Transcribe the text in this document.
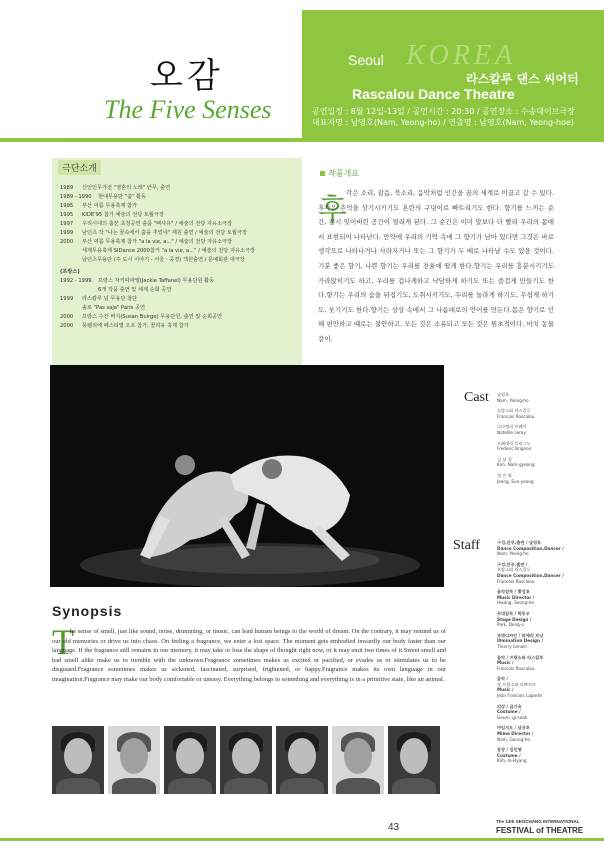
오감
The Five Senses
KOREA
Seoul
라스칼루 댄스 씨어터
Rascalou Dance Theatre
공연일정 : 8월 12일-13일 / 공연시간 : 20:30 / 공연장소 : 수송대이브극장
대표자명 : 남영호(Nam, Yeong-ho) / 연출명 : 남영호(Nam, Yeong-hoe)
극단소개
1989	신인인무가전 "영혼의 노래" 안무, 출연
1989 - 1990	현대무용단 "춤" 활동
1995	부산 여름 무용축제 참가
1995	KIDE'95 참가 예술의 전당 토월극장
1997	우리시대의 춤꾼 초청공연 출품 "뻐사유" / 예술의 전당 자유소극장
1999	남던츠 작 "나는 꿈속에서 춤을 추었네" 재원 출연 / 예술의 전당 토월극장
2000	부산 여름 무용축제 참가 "a la vie, a..." / 예술의 전당 자유소극장
세계무용축제 SIDance 2000참가 "a la vie, a..." / 예술의 전당 자유소극장
남던츠무용단 (주 도시 이야기 - 서울 · 중경) 객원출연 / 문예회관 대극장
(프랑스)
1992 - 1999	프랑스 자키따파엘(Jackie Taffanel) 무용단원 활동
6개 작품 출연 및 세계 순회 공연
1999	라스칼루 넘 무용단 창단
솔로 "Pas saja" Paris 공연
2000	프랑스 수잔 버지(Susan Buirge) 무용단원, 출연 및 순회공연
2000	몽펠리에 페스티벌 오프 참가, 꼴리유 축제 참가
작품개요
후 각은 소리, 잡음, 북소리, 음악처럼 인간을 꿈의 세계로 이끌고 갈 수 있다. 후각은 추억을 상기시키기도 혼란의 구덩이로 빠트리기도 한다. 향기를 느끼는 순간, 잠시 잊어버린 공간이 열리게 된다. 그 순간은 이미 말보다 더 빨리 우리의 몸에서 표현되어 나타난다. 만약에 우리의 기억 속에 그 향기가 남아 있다면 그것은 바로 생각으로 나타나거나 사라지거나 또는 그 향기가 두 배로 나타날 수도 있을 것이다.기분 좋은 향기, 나쁜 향기는 우리를 전율에 떨게 한다.향기는 우리를 흥분시키기도 가라앉히기도 하고, 우리를 겁나게하고 낙담하게 하기도 또는 즐겁게 만들기도 한다.향기는 우리의 숨을 뒤집기도, 도취시키기도, 우리를 놀라게 하기도, 무섭게 하기도, 웃기기도 한다.향기는 상상 속에서 그 나름대로의 언어를 만든다.몸은 향기로 인해 편안하고 때로는 불안하고, 모든 것은 소유되고 모든 것은 원초적이다. 마치 동물같이.
Cast 남영호
Nam, Yeong-ho
프랑소와 라스칼루
Francois Rascalou
나타엘리 르레이
Natelile Leray
프레데릭 브리그농
Frederic Brignon
김 남 경
Kim, Nam-gyeong
정 은 영
Jeong, Eun-yeong
Staff	구성,안무,출연 / 남영호
Dance Composition,Dancer /
Nam, Yeong-ho
구성,안무,출연 /
프랑소와 라스칼루
Dance Composition,Dancer /
Francois Rascalou
음악감독 / 황성호
Music Director /
Hwang, Seong-ho
무대감독 / 박동우
Stage Design /
Park, Dong-u
조명디자인 / 띠에리 르낭
Illmination Design /
Thierry Lenain
음악 / 프랑소와 라스칼루
Music /
Francois Rascalou
음악 /
장 프랑소와 라뽀르뜨
Music /
Jean Francois Laporte
의상 / 금기숙
Costume /
Geum, gi-sook
마임지도 / 남궁호
Mime Director /
Nam, Geung-ho
분장 / 김인향
Costume /
Kim, In-Hyang
Synopsis
T
he sense of smell, just like sound, noise, drumming, or music, can lead human beings to the world of dream. On the contrary, it may remind us of our old memories or drive us into chaos. On feeling a fragrance, we enter a lost space. The moment gets embodied inwardly our body faster than our language. If the fragrance still remains in our memory, it may take or lose the shape of thought right now, or it may emit two times of it.Sweet smell and bad smell alike make us to tremble with the unknown.Fragrance sometimes makes us excited or pacified, or evades us or stimulates us to be disgusted.Fragrance sometimes makes us sickened, fascinated, surprised, frightened, or happy.Fragrance makes its own language in our imagination.Fragrance may make our body comfortable or uneasy. Everything belongs to something and everything is in a primitive state, like an animal.
43
The 13th SEOCHANG INTERNATIONAL
FESTIVAL of THEATRE
